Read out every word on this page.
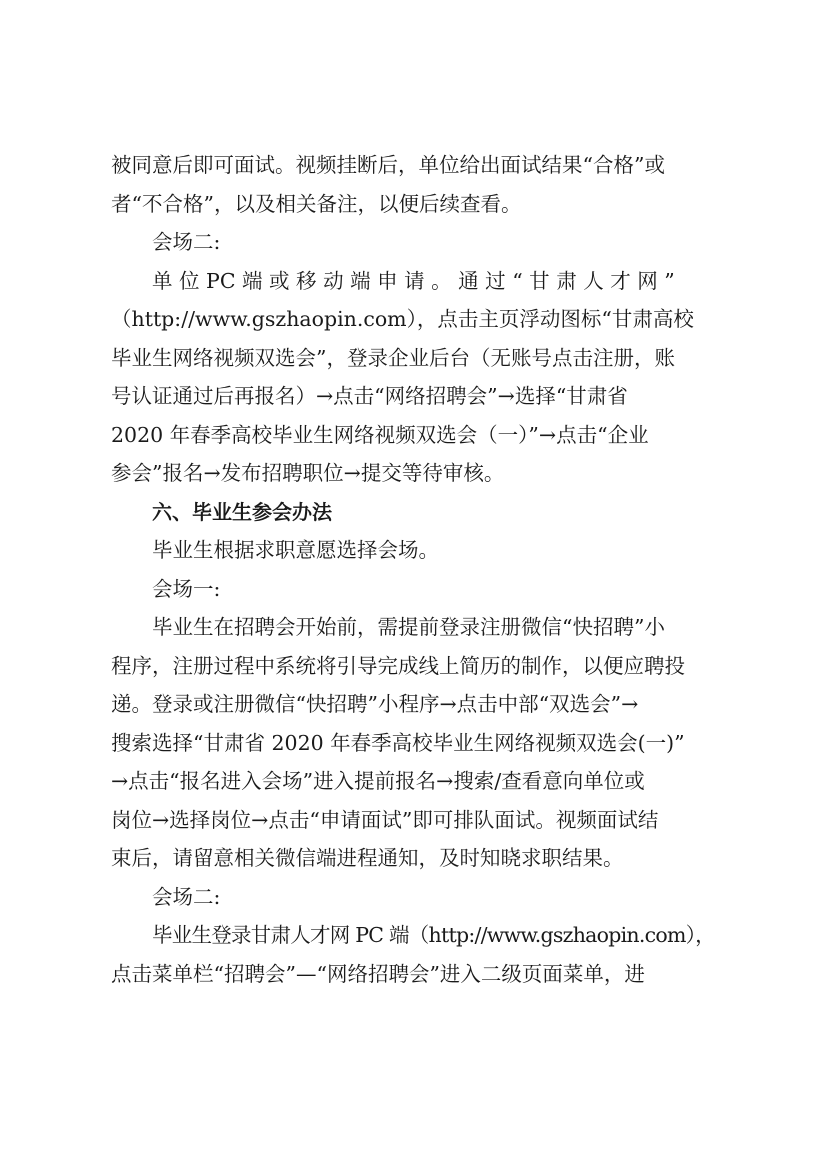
被同意后即可面试。视频挂断后，单位给出面试结果“合格”或
者“不合格”，以及相关备注，以便后续查看。
会场二:
单 位 PC 端 或 移 动 端 申 请 。 通 过 “ 甘 肃 人 才 网 ”
（http://www.gszhaopin.com），点击主页浮动图标“甘肃高校
毕业生网络视频双选会”，登录企业后台（无账号点击注册，账
号认证通过后再报名）→点击“网络招聘会”→选择“甘肃省
2020 年春季高校毕业生网络视频双选会（一）”→点击“企业
参会”报名→发布招聘职位→提交等待审核。
六、毕业生参会办法
毕业生根据求职意愿选择会场。
会场一:
毕业生在招聘会开始前，需提前登录注册微信“快招聘”小
程序，注册过程中系统将引导完成线上简历的制作，以便应聘投
递。登录或注册微信“快招聘”小程序→点击中部“双选会”→
搜索选择“甘肃省 2020 年春季高校毕业生网络视频双选会(一)”
→点击“报名进入会场”进入提前报名→搜索/查看意向单位或
岗位→选择岗位→点击“申请面试”即可排队面试。视频面试结
束后，请留意相关微信端进程通知，及时知晓求职结果。
会场二:
毕业生登录甘肃人才网 PC 端（http://www.gszhaopin.com），
点击菜单栏“招聘会”—“网络招聘会”进入二级页面菜单，进
